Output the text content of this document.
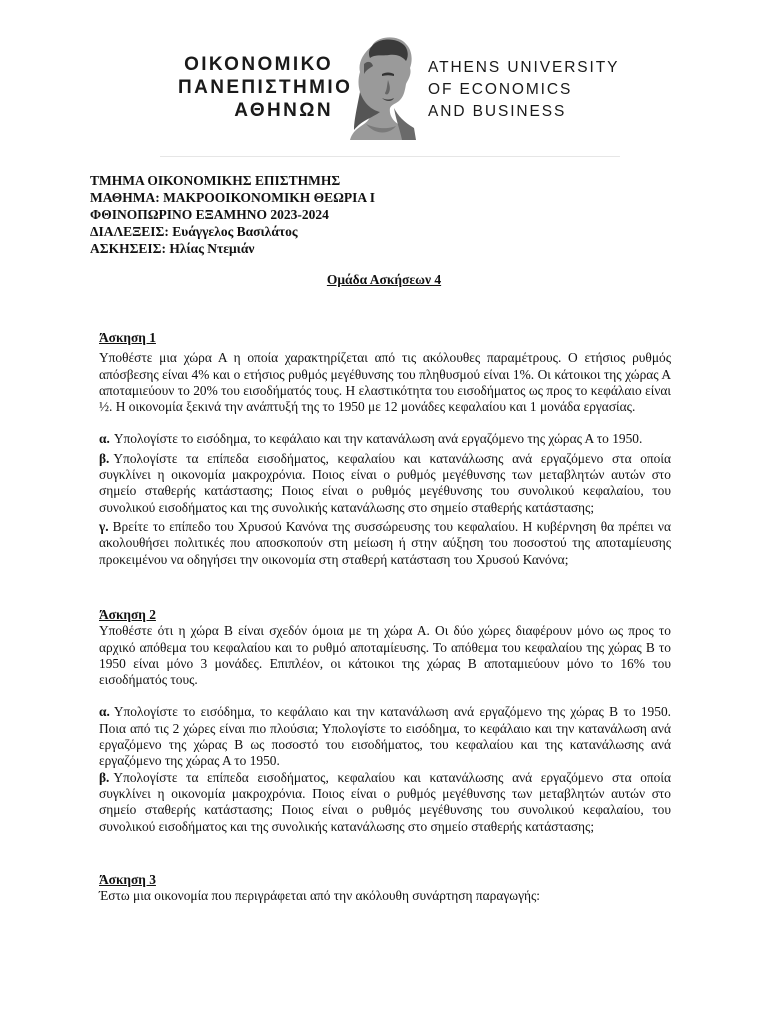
ΟΙΚΟΝΟΜΙΚΟ
ΠΑΝΕΠΙΣΤΗΜΙΟ
ΑΘΗΝΩΝ
ATHENS UNIVERSITY
OF ECONOMICS
AND BUSINESS
ΤΜΗΜΑ ΟΙΚΟΝΟΜΙΚΗΣ ΕΠΙΣΤΗΜΗΣ
ΜΑΘΗΜΑ: ΜΑΚΡΟΟΙΚΟΝΟΜΙΚΗ ΘΕΩΡΙΑ Ι
ΦΘΙΝΟΠΩΡΙΝΟ ΕΞΑΜΗΝΟ 2023-2024
ΔΙΑΛΕΞΕΙΣ: Ευάγγελος Βασιλάτος
ΑΣΚΗΣΕΙΣ: Ηλίας Ντεμιάν
Ομάδα Ασκήσεων 4
Άσκηση 1
Υποθέστε μια χώρα Α η οποία χαρακτηρίζεται από τις ακόλουθες παραμέτρους. Ο ετήσιος ρυθμός απόσβεσης είναι 4% και ο ετήσιος ρυθμός μεγέθυνσης του πληθυσμού είναι 1%. Οι κάτοικοι της χώρας Α αποταμιεύουν το 20% του εισοδήματός τους. Η ελαστικότητα του εισοδήματος ως προς το κεφάλαιο είναι ½. Η οικονομία ξεκινά την ανάπτυξή της το 1950 με 12 μονάδες κεφαλαίου και 1 μονάδα εργασίας.
α. Υπολογίστε το εισόδημα, το κεφάλαιο και την κατανάλωση ανά εργαζόμενο της χώρας Α το 1950.
β. Υπολογίστε τα επίπεδα εισοδήματος, κεφαλαίου και κατανάλωσης ανά εργαζόμενο στα οποία συγκλίνει η οικονομία μακροχρόνια. Ποιος είναι ο ρυθμός μεγέθυνσης των μεταβλητών αυτών στο σημείο σταθερής κατάστασης; Ποιος είναι ο ρυθμός μεγέθυνσης του συνολικού κεφαλαίου, του συνολικού εισοδήματος και της συνολικής κατανάλωσης στο σημείο σταθερής κατάστασης;
γ. Βρείτε το επίπεδο του Χρυσού Κανόνα της συσσώρευσης του κεφαλαίου. Η κυβέρνηση θα πρέπει να ακολουθήσει πολιτικές που αποσκοπούν στη μείωση ή στην αύξηση του ποσοστού της αποταμίευσης προκειμένου να οδηγήσει την οικονομία στη σταθερή κατάσταση του Χρυσού Κανόνα;
Άσκηση 2
Υποθέστε ότι η χώρα Β είναι σχεδόν όμοια με τη χώρα Α. Οι δύο χώρες διαφέρουν μόνο ως προς το αρχικό απόθεμα του κεφαλαίου και το ρυθμό αποταμίευσης. Το απόθεμα του κεφαλαίου της χώρας Β το 1950 είναι μόνο 3 μονάδες. Επιπλέον, οι κάτοικοι της χώρας Β αποταμιεύουν μόνο το 16% του εισοδήματός τους.
α. Υπολογίστε το εισόδημα, το κεφάλαιο και την κατανάλωση ανά εργαζόμενο της χώρας Β το 1950. Ποια από τις 2 χώρες είναι πιο πλούσια; Υπολογίστε το εισόδημα, το κεφάλαιο και την κατανάλωση ανά εργαζόμενο της χώρας Β ως ποσοστό του εισοδήματος, του κεφαλαίου και της κατανάλωσης ανά εργαζόμενο της χώρας Α το 1950.
β. Υπολογίστε τα επίπεδα εισοδήματος, κεφαλαίου και κατανάλωσης ανά εργαζόμενο στα οποία συγκλίνει η οικονομία μακροχρόνια. Ποιος είναι ο ρυθμός μεγέθυνσης των μεταβλητών αυτών στο σημείο σταθερής κατάστασης; Ποιος είναι ο ρυθμός μεγέθυνσης του συνολικού κεφαλαίου, του συνολικού εισοδήματος και της συνολικής κατανάλωσης στο σημείο σταθερής κατάστασης;
Άσκηση 3
Έστω μια οικονομία που περιγράφεται από την ακόλουθη συνάρτηση παραγωγής:
